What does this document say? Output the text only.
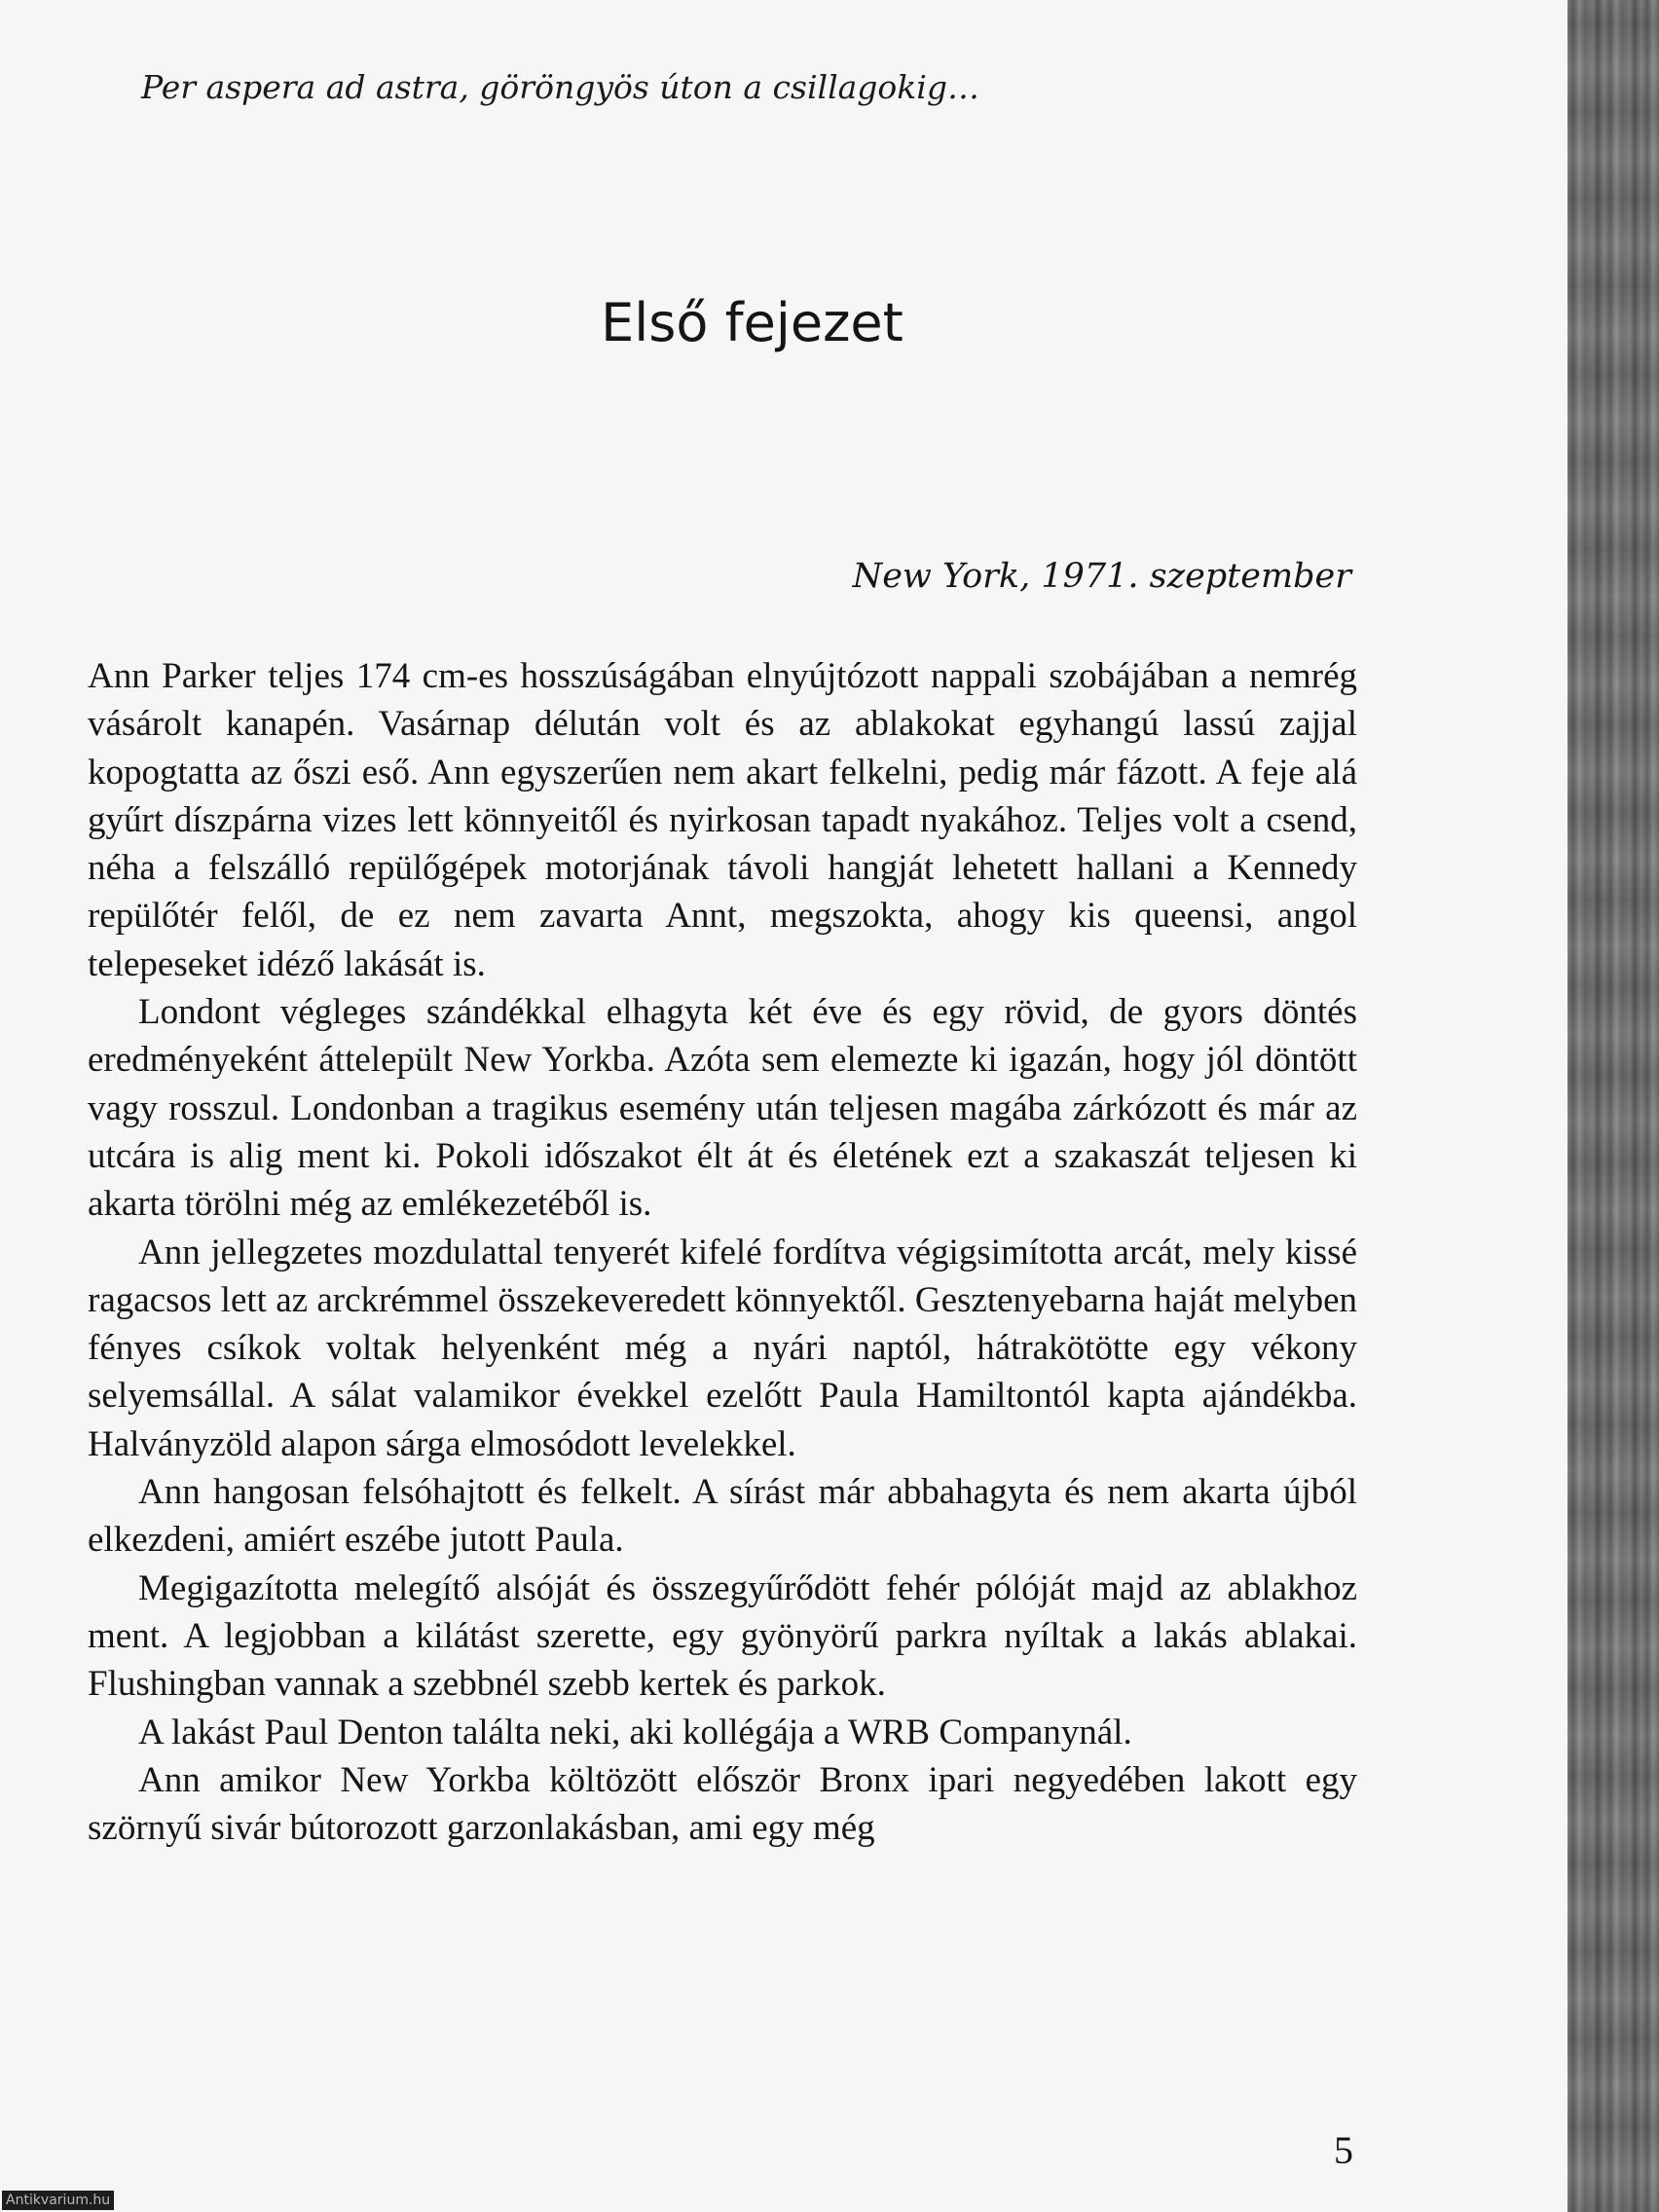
Per aspera ad astra, göröngyös úton a csillagokig…
Első fejezet
New York, 1971. szeptember

Ann Parker teljes 174 cm-es hosszúságában elnyújtózott nappali szobájában a nemrég vásárolt kanapén. Vasárnap délután volt és az ablakokat egyhangú lassú zajjal kopogtatta az őszi eső. Ann egyszerűen nem akart felkelni, pedig már fázott. A feje alá gyűrt díszpárna vizes lett könnyeitől és nyirkosan tapadt nyakához. Teljes volt a csend, néha a felszálló repülőgépek motorjának távoli hangját lehetett hallani a Kennedy repülőtér felől, de ez nem zavarta Annt, megszokta, ahogy kis queensi, angol telepeseket idéző lakását is.

Londont végleges szándékkal elhagyta két éve és egy rövid, de gyors döntés eredményeként áttelepült New Yorkba. Azóta sem elemezte ki igazán, hogy jól döntött vagy rosszul. Londonban a tragikus esemény után teljesen magába zárkózott és már az utcára is alig ment ki. Pokoli időszakot élt át és életének ezt a szakaszát teljesen ki akarta törölni még az emlékezetéből is.

Ann jellegzetes mozdulattal tenyerét kifelé fordítva végigsimította arcát, mely kissé ragacsos lett az arckrémmel összekeveredett könnyektől. Gesztenyebarna haját melyben fényes csíkok voltak helyenként még a nyári naptól, hátrakötötte egy vékony selyemsállal. A sálat valamikor évekkel ezelőtt Paula Hamiltontól kapta ajándékba. Halványzöld alapon sárga elmosódott levelekkel.

Ann hangosan felsóhajtott és felkelt. A sírást már abbahagyta és nem akarta újból elkezdeni, amiért eszébe jutott Paula.

Megigazította melegítő alsóját és összegyűrődött fehér pólóját majd az ablakhoz ment. A legjobban a kilátást szerette, egy gyönyörű parkra nyíltak a lakás ablakai. Flushingban vannak a szebbnél szebb kertek és parkok.

A lakást Paul Denton találta neki, aki kollégája a WRB Companynál.

Ann amikor New Yorkba költözött először Bronx ipari negyedében lakott egy szörnyű sivár bútorozott garzonlakásban, ami egy még

5
Antikvarium.hu
